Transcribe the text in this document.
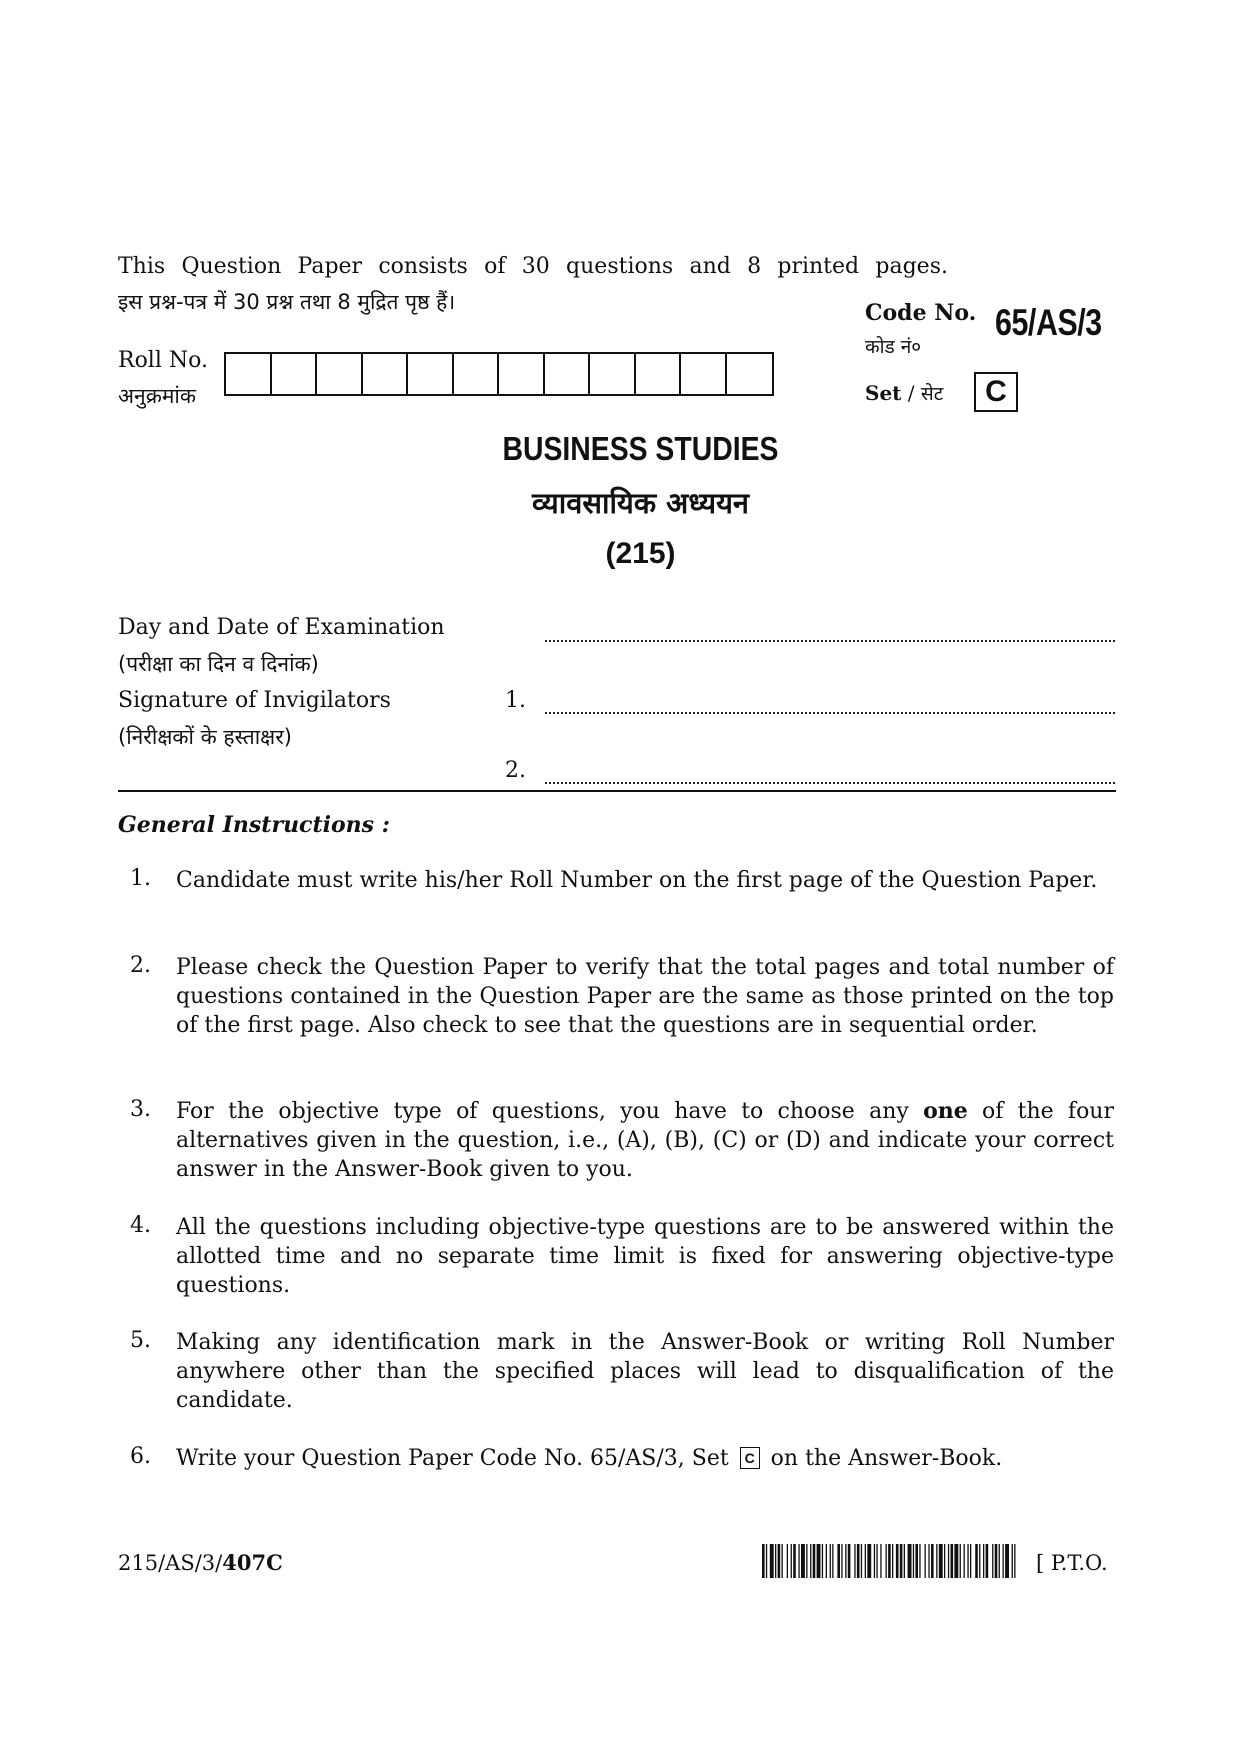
This Question Paper consists of 30 questions and 8 printed pages.
इस प्रश्न-पत्र में 30 प्रश्न तथा 8 मुद्रित पृष्ठ हैं।	Code No.
कोड नं०
65/AS/3
Set / सेट	C
Roll No.
अनुक्रमांक
BUSINESS STUDIES
व्यावसायिक अध्ययन
(215)
Day and Date of Examination
(परीक्षा का दिन व दिनांक)
Signature of Invigilators
(निरीक्षकों के हस्ताक्षर)
1.
2.
General Instructions :
1. Candidate must write his/her Roll Number on the first page of the Question Paper.
2. Please check the Question Paper to verify that the total pages and total number of questions contained in the Question Paper are the same as those printed on the top of the first page. Also check to see that the questions are in sequential order.
3. For the objective type of questions, you have to choose any one of the four alternatives given in the question, i.e., (A), (B), (C) or (D) and indicate your correct answer in the Answer-Book given to you.
4. All the questions including objective-type questions are to be answered within the allotted time and no separate time limit is fixed for answering objective-type questions.
5. Making any identification mark in the Answer-Book or writing Roll Number anywhere other than the specified places will lead to disqualification of the candidate.
6. Write your Question Paper Code No. 65/AS/3, Set C on the Answer-Book.
215/AS/3/407C	[ P.T.O.
